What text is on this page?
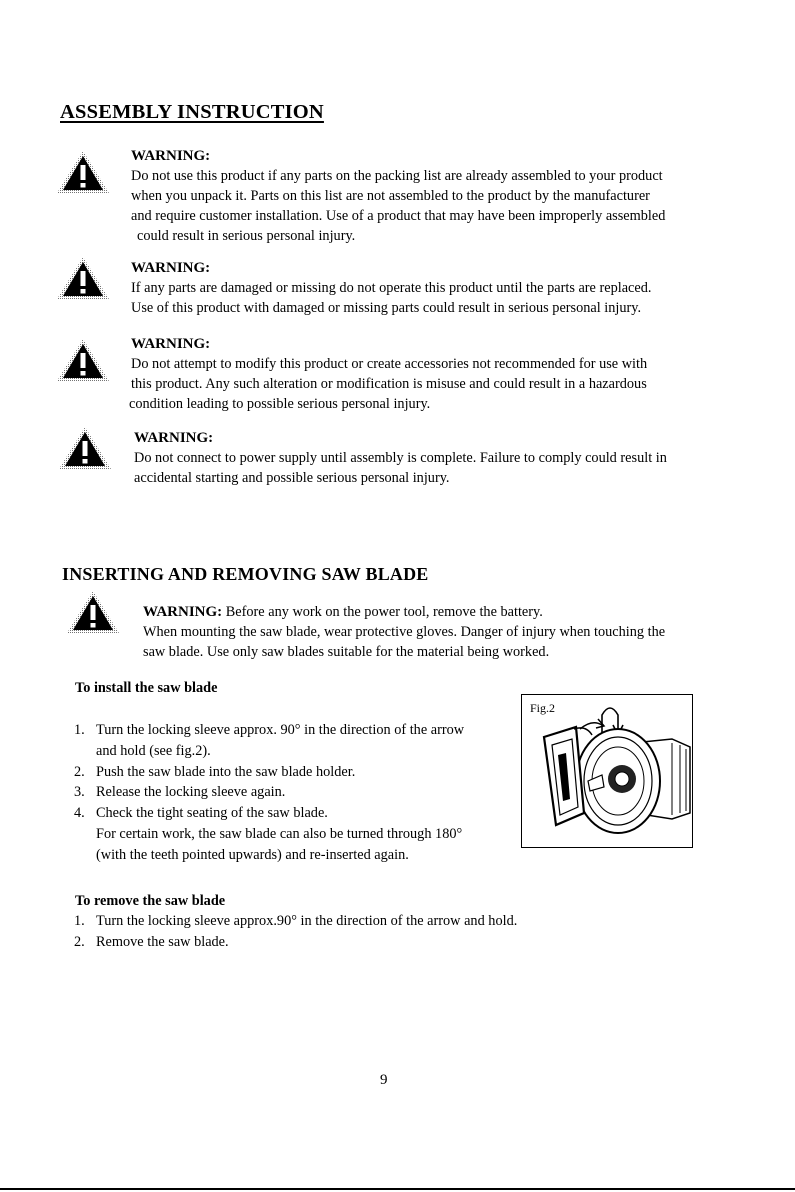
ASSEMBLY INSTRUCTION
WARNING:
Do not use this product if any parts on the packing list are already assembled to your product
when you unpack it. Parts on this list are not assembled to the product by the manufacturer
and require customer installation. Use of a product that may have been improperly assembled
could result in serious personal injury.
WARNING:
If any parts are damaged or missing do not operate this product until the parts are replaced.
Use of this product with damaged or missing parts could result in serious personal injury.
WARNING:
Do not attempt to modify this product or create accessories not recommended for use with
this product. Any such alteration or modification is misuse and could result in a hazardous
condition leading to possible serious personal injury.
WARNING:
Do not connect to power supply until assembly is complete. Failure to comply could result in
accidental starting and possible serious personal injury.
INSERTING AND REMOVING SAW BLADE
WARNING: Before any work on the power tool, remove the battery.
When mounting the saw blade, wear protective gloves. Danger of injury when touching the
saw blade. Use only saw blades suitable for the material being worked.
To install the saw blade
1. Turn the locking sleeve approx. 90° in the direction of the arrow
and hold (see fig.2).
2. Push the saw blade into the saw blade holder.
3. Release the locking sleeve again.
4. Check the tight seating of the saw blade.
For certain work, the saw blade can also be turned through 180°
(with the teeth pointed upwards) and re-inserted again.
Fig.2
To remove the saw blade
1. Turn the locking sleeve approx.90° in the direction of the arrow and hold.
2. Remove the saw blade.
9
